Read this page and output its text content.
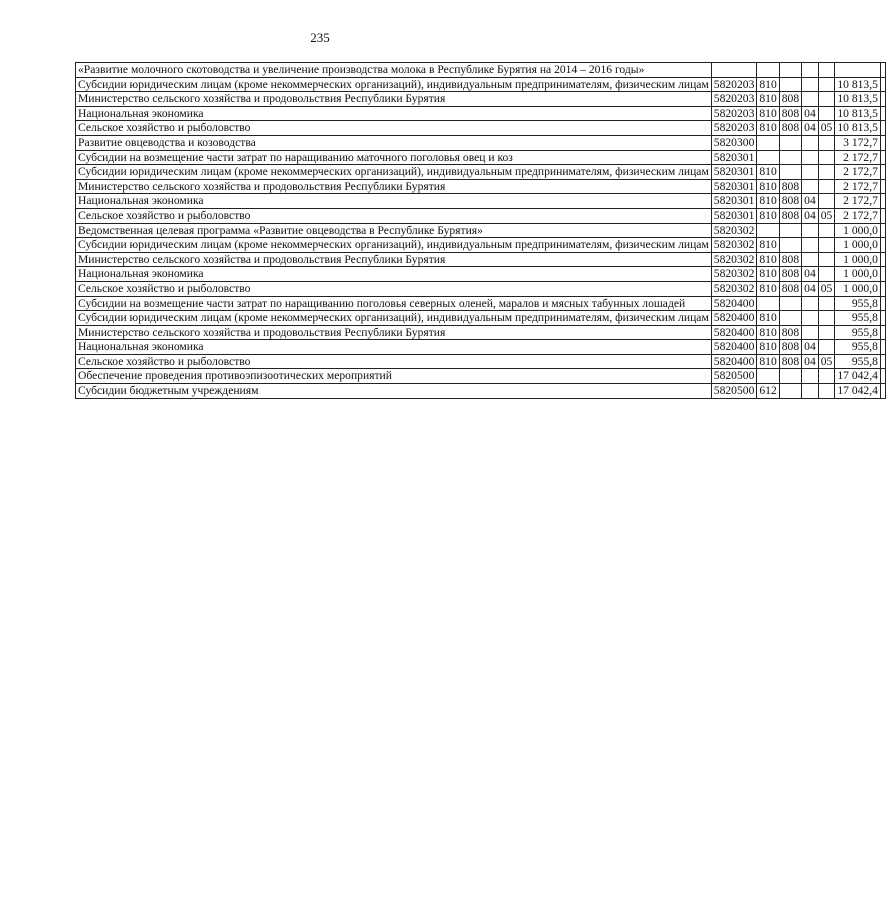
235
«Развитие молочного скотоводства и увеличение производства молока в Республике Бурятия на 2014 – 2016 годы»							
Субсидии юридическим лицам (кроме некоммерческих организаций), индивидуальным предпринимателям, физическим лицам	5820203	810				10 813,5	
Министерство сельского хозяйства и продовольствия Республики Бурятия	5820203	810	808			10 813,5	
Национальная экономика	5820203	810	808	04		10 813,5	
Сельское хозяйство и рыболовство	5820203	810	808	04	05	10 813,5	
Развитие овцеводства и козоводства	5820300					3 172,7	
Субсидии на возмещение части затрат по наращиванию маточного поголовья овец и коз	5820301					2 172,7	
Субсидии юридическим лицам (кроме некоммерческих организаций), индивидуальным предпринимателям, физическим лицам	5820301	810				2 172,7	
Министерство сельского хозяйства и продовольствия Республики Бурятия	5820301	810	808			2 172,7	
Национальная экономика	5820301	810	808	04		2 172,7	
Сельское хозяйство и рыболовство	5820301	810	808	04	05	2 172,7	
Ведомственная целевая программа «Развитие овцеводства в Республике Бурятия»	5820302					1 000,0	
Субсидии юридическим лицам (кроме некоммерческих организаций), индивидуальным предпринимателям, физическим лицам	5820302	810				1 000,0	
Министерство сельского хозяйства и продовольствия Республики Бурятия	5820302	810	808			1 000,0	
Национальная экономика	5820302	810	808	04		1 000,0	
Сельское хозяйство и рыболовство	5820302	810	808	04	05	1 000,0	
Субсидии на возмещение части затрат по наращиванию поголовья северных оленей, маралов и мясных табунных лошадей	5820400					955,8	
Субсидии юридическим лицам (кроме некоммерческих организаций), индивидуальным предпринимателям, физическим лицам	5820400	810				955,8	
Министерство сельского хозяйства и продовольствия Республики Бурятия	5820400	810	808			955,8	
Национальная экономика	5820400	810	808	04		955,8	
Сельское хозяйство и рыболовство	5820400	810	808	04	05	955,8	
Обеспечение проведения противоэпизоотических мероприятий	5820500					17 042,4	
Субсидии бюджетным учреждениям	5820500	612				17 042,4	
